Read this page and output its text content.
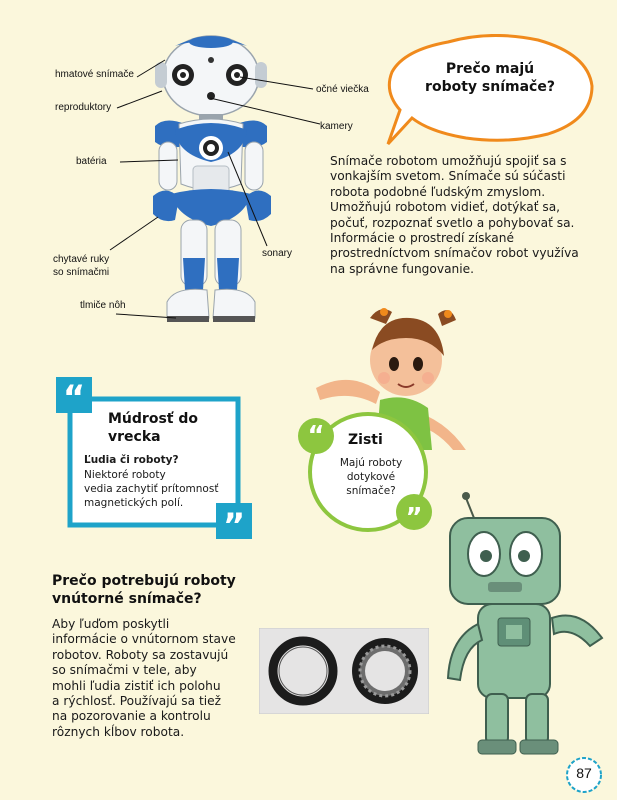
hmatové snímače
reproduktory
batéria
očné viečka
kamery
sonary
chytavé ruky
so snímačmi
tlmiče nôh
Prečo majú
roboty snímače?
Snímače robotom umožňujú spojiť sa s vonkajším svetom. Snímače sú súčasti robota podobné ľudským zmyslom. Umožňujú robotom vidieť, dotýkať sa, počuť, rozpoznať svetlo a pohybovať sa. Informácie o prostredí získané prostredníctvom snímačov robot využíva na správne fungovanie.
“
”
Zisti
Majú roboty
dotykové
snímače?
“
”
Múdrosť do
vrecka
Ľudia či roboty?
Niektoré roboty
vedia zachytiť prítomnosť
magnetických polí.
Prečo potrebujú roboty
vnútorné snímače?
Aby ľuďom poskytli
informácie o vnútornom stave
robotov. Roboty sa zostavujú
so snímačmi v tele, aby
mohli ľudia zistiť ich polohu
a rýchlosť. Používajú sa tiež
na pozorovanie a kontrolu
rôznych kĺbov robota.
87
